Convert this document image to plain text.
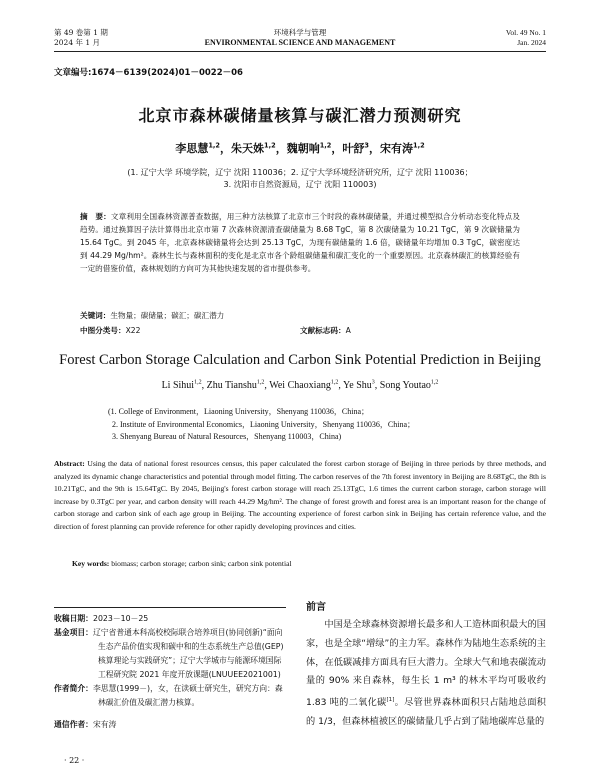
第 49 卷第 1 期
2024 年 1 月
环境科学与管理
ENVIRONMENTAL SCIENCE AND MANAGEMENT
Vol. 49 No. 1
Jan. 2024
文章编号:1674－6139(2024)01－0022－06
北京市森林碳储量核算与碳汇潜力预测研究
李思慧$^{1,2}$，朱天姝$^{1,2}$，魏朝响$^{1,2}$，叶舒$^3$，宋有涛$^{1,2}$
(1. 辽宁大学 环境学院，辽宁 沈阳 110036；2. 辽宁大学环境经济研究所，辽宁 沈阳 110036；
3. 沈阳市自然资源局，辽宁 沈阳 110003)
摘　要：文章利用全国森林资源普查数据，用三种方法核算了北京市三个时段的森林碳储量，并通过模型拟合分析动态变化特点及趋势。通过换算因子法计算得出北京市第 7 次森林资源清查碳储量为 8.68 TgC，第 8 次碳储量为 10.21 TgC，第 9 次碳储量为 15.64 TgC。到 2045 年，北京森林碳储量将会达到 25.13 TgC，为现有碳储量的 1.6 倍，碳储量年均增加 0.3 TgC，碳密度达到 44.29 Mg/hm²。森林生长与森林面积的变化是北京市各个龄组碳储量和碳汇变化的一个重要原因。北京森林碳汇的核算经验有一定的借鉴价值，森林规划的方向可为其他快速发展的省市提供参考。
关键词：生物量；碳储量；碳汇；碳汇潜力
中图分类号：X22	文献标志码：A
Forest Carbon Storage Calculation and Carbon Sink Potential Prediction in Beijing
Li Sihui$^{1,2}$, Zhu Tianshu$^{1,2}$, Wei Chaoxiang$^{1,2}$, Ye Shu$^3$, Song Youtao$^{1,2}$
(1. College of Environment，Liaoning University，Shenyang 110036，China；
2. Institute of Environmental Economics，Liaoning University，Shenyang 110036，China；
3. Shenyang Bureau of Natural Resources，Shenyang 110003，China)
Abstract: Using the data of national forest resources census, this paper calculated the forest carbon storage of Beijing in three periods by three methods, and analyzed its dynamic change characteristics and potential through model fitting. The carbon reserves of the 7th forest inventory in Beijing are 8.68TgC, the 8th is 10.21TgC, and the 9th is 15.64TgC. By 2045, Beijing's forest carbon storage will reach 25.13TgC, 1.6 times the current carbon storage, carbon storage will increase by 0.3TgC per year, and carbon density will reach 44.29 Mg/hm². The change of forest growth and forest area is an important reason for the change of carbon storage and carbon sink of each age group in Beijing. The accounting experience of forest carbon sink in Beijing has certain reference value, and the direction of forest planning can provide reference for other rapidly developing provinces and cities.
Key words: biomass; carbon storage; carbon sink; carbon sink potential
收稿日期：2023－10－25
基金项目：辽宁省普通本科高校校际联合培养项目(协同创新)“面向生态产品价值实现和碳中和的生态系统生产总值(GEP)核算理论与实践研究”；辽宁大学城市与能源环境国际工程研究院 2021 年度开放课题(LNUUEE2021001)
作者简介：李思慧(1999－)，女，在读硕士研究生，研究方向：森林碳汇价值及碳汇潜力核算。
通信作者：宋有涛
· 22 ·
前言
中国是全球森林资源增长最多和人工造林面积最大的国家，也是全球“增绿”的主力军。森林作为陆地生态系统的主体，在低碳减排方面具有巨大潜力。全球大气和地表碳流动量的 90% 来自森林，每生长 1 m³ 的林木平均可吸收约 1.83 吨的二氧化碳[1]。尽管世界森林面积只占陆地总面积的 1/3，但森林植被区的碳储量几乎占到了陆地碳库总量的
